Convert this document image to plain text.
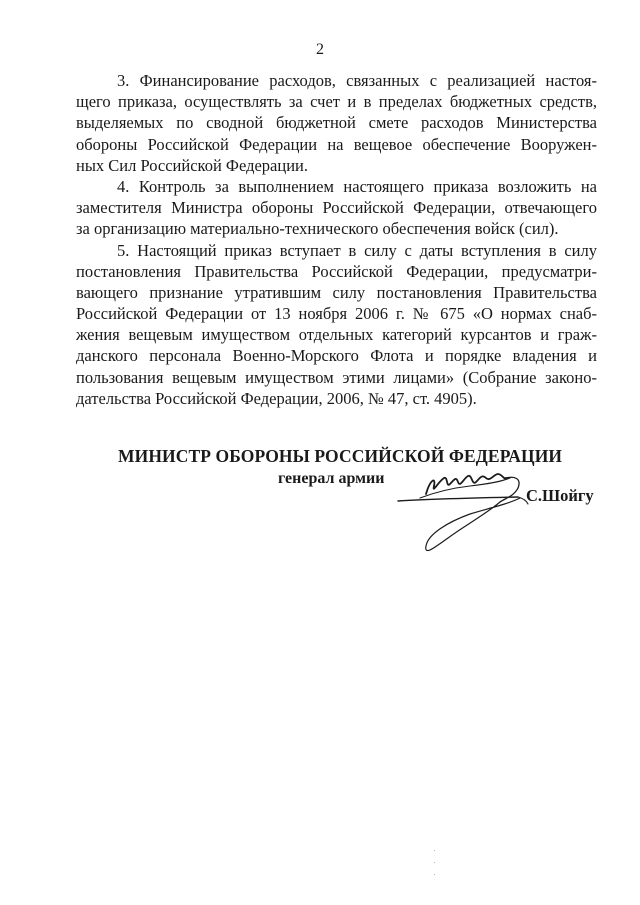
2
3. Финансирование расходов, связанных с реализацией настоя-
щего приказа, осуществлять за счет и в пределах бюджетных средств,
выделяемых по сводной бюджетной смете расходов Министерства
обороны Российской Федерации на вещевое обеспечение Вооружен-
ных Сил Российской Федерации.
4. Контроль за выполнением настоящего приказа возложить на
заместителя Министра обороны Российской Федерации, отвечающего
за организацию материально-технического обеспечения войск (сил).
5. Настоящий приказ вступает в силу с даты вступления в силу
постановления Правительства Российской Федерации, предусматри-
вающего признание утратившим силу постановления Правительства
Российской Федерации от 13 ноября 2006 г. № 675 «О нормах снаб-
жения вещевым имуществом отдельных категорий курсантов и граж-
данского персонала Военно-Морского Флота и порядке владения и
пользования вещевым имуществом этими лицами» (Собрание законо-
дательства Российской Федерации, 2006, № 47, ст. 4905).
МИНИСТР ОБОРОНЫ РОССИЙСКОЙ ФЕДЕРАЦИИ
генерал армии
С.Шойгу
